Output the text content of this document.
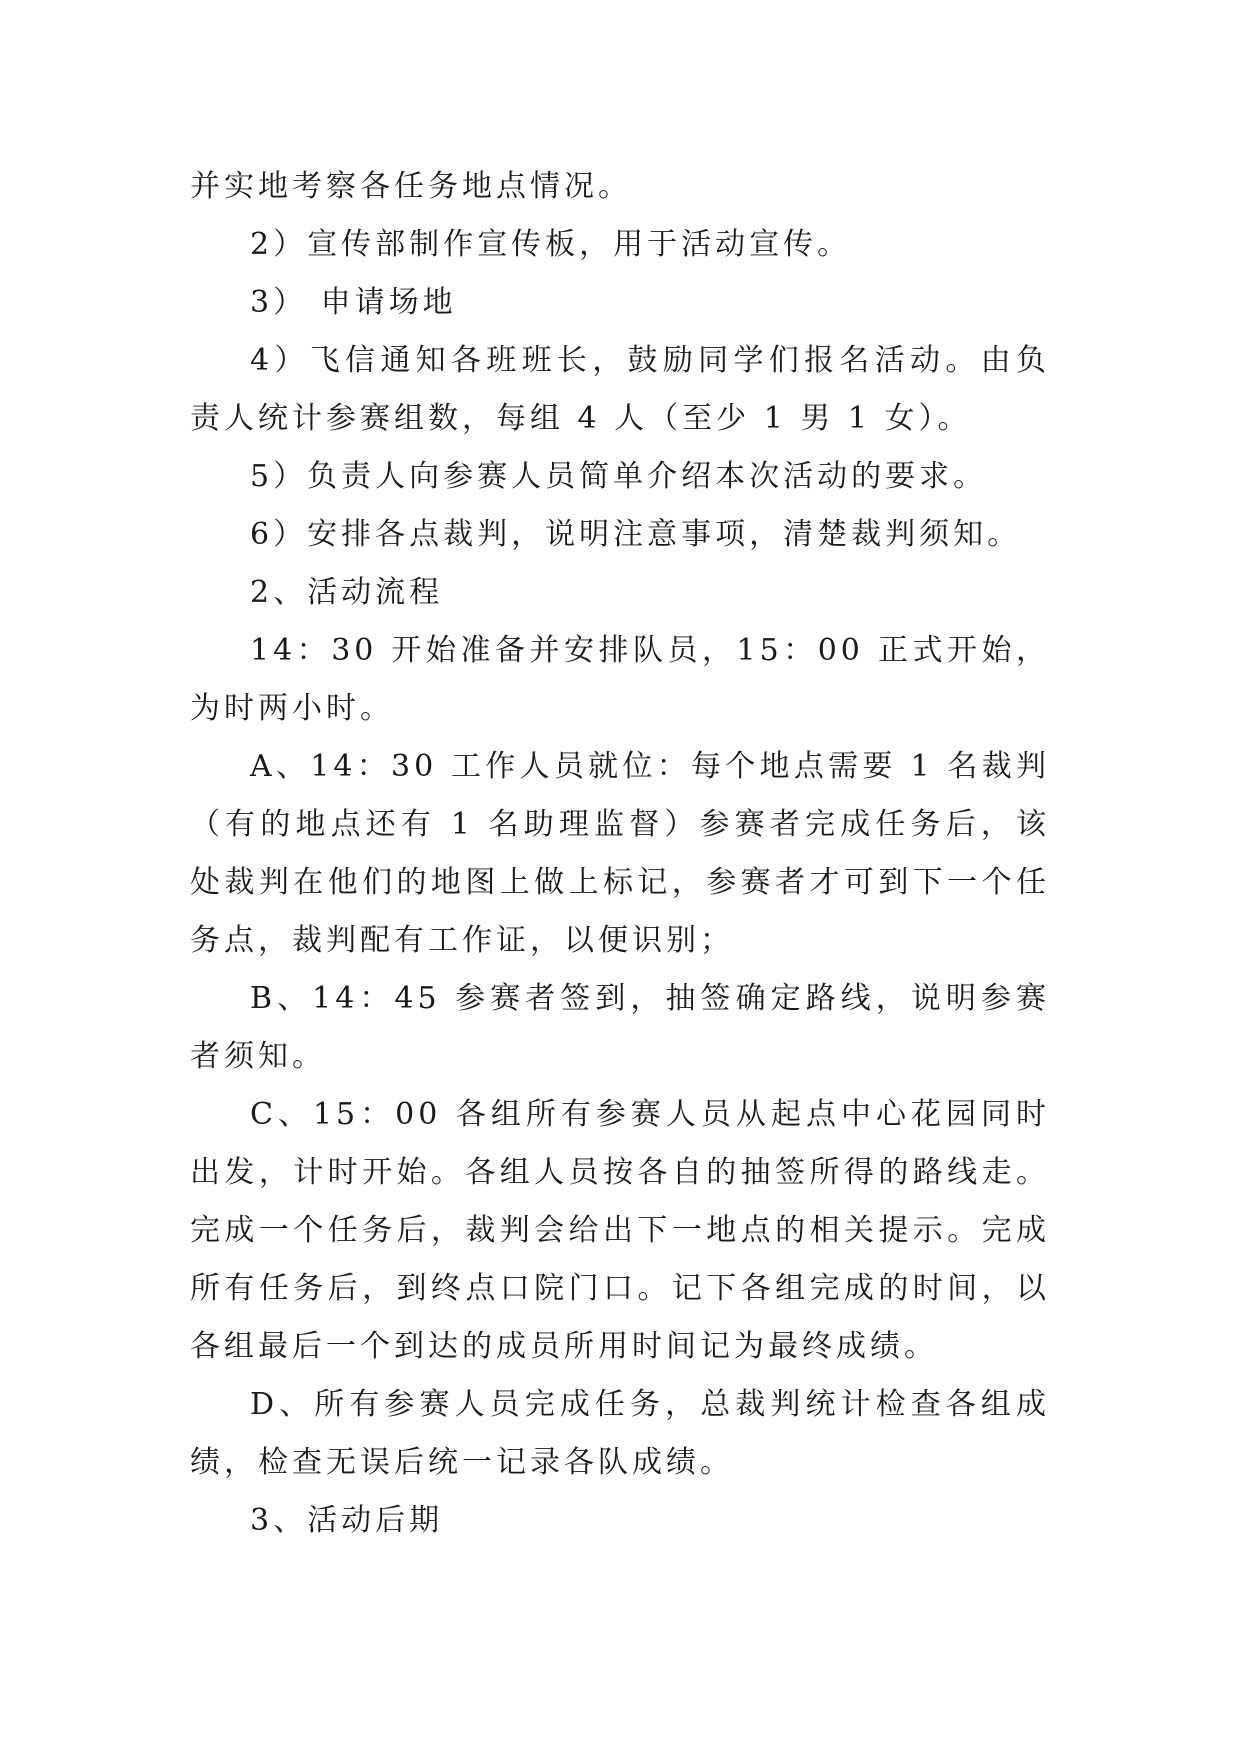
并实地考察各任务地点情况。

2）宣传部制作宣传板，用于活动宣传。

3） 申请场地

4）飞信通知各班班长，鼓励同学们报名活动。由负责人统计参赛组数，每组 4 人（至少 1 男 1 女）。

5）负责人向参赛人员简单介绍本次活动的要求。

6）安排各点裁判，说明注意事项，清楚裁判须知。

2、活动流程

14：30 开始准备并安排队员，15：00 正式开始，为时两小时。

A、14：30 工作人员就位：每个地点需要 1 名裁判（有的地点还有 1 名助理监督）参赛者完成任务后，该处裁判在他们的地图上做上标记，参赛者才可到下一个任务点，裁判配有工作证，以便识别；

B、14：45 参赛者签到，抽签确定路线，说明参赛者须知。

C、15：00 各组所有参赛人员从起点中心花园同时出发，计时开始。各组人员按各自的抽签所得的路线走。完成一个任务后，裁判会给出下一地点的相关提示。完成所有任务后，到终点口院门口。记下各组完成的时间，以各组最后一个到达的成员所用时间记为最终成绩。

D、所有参赛人员完成任务，总裁判统计检查各组成绩，检查无误后统一记录各队成绩。

3、活动后期
